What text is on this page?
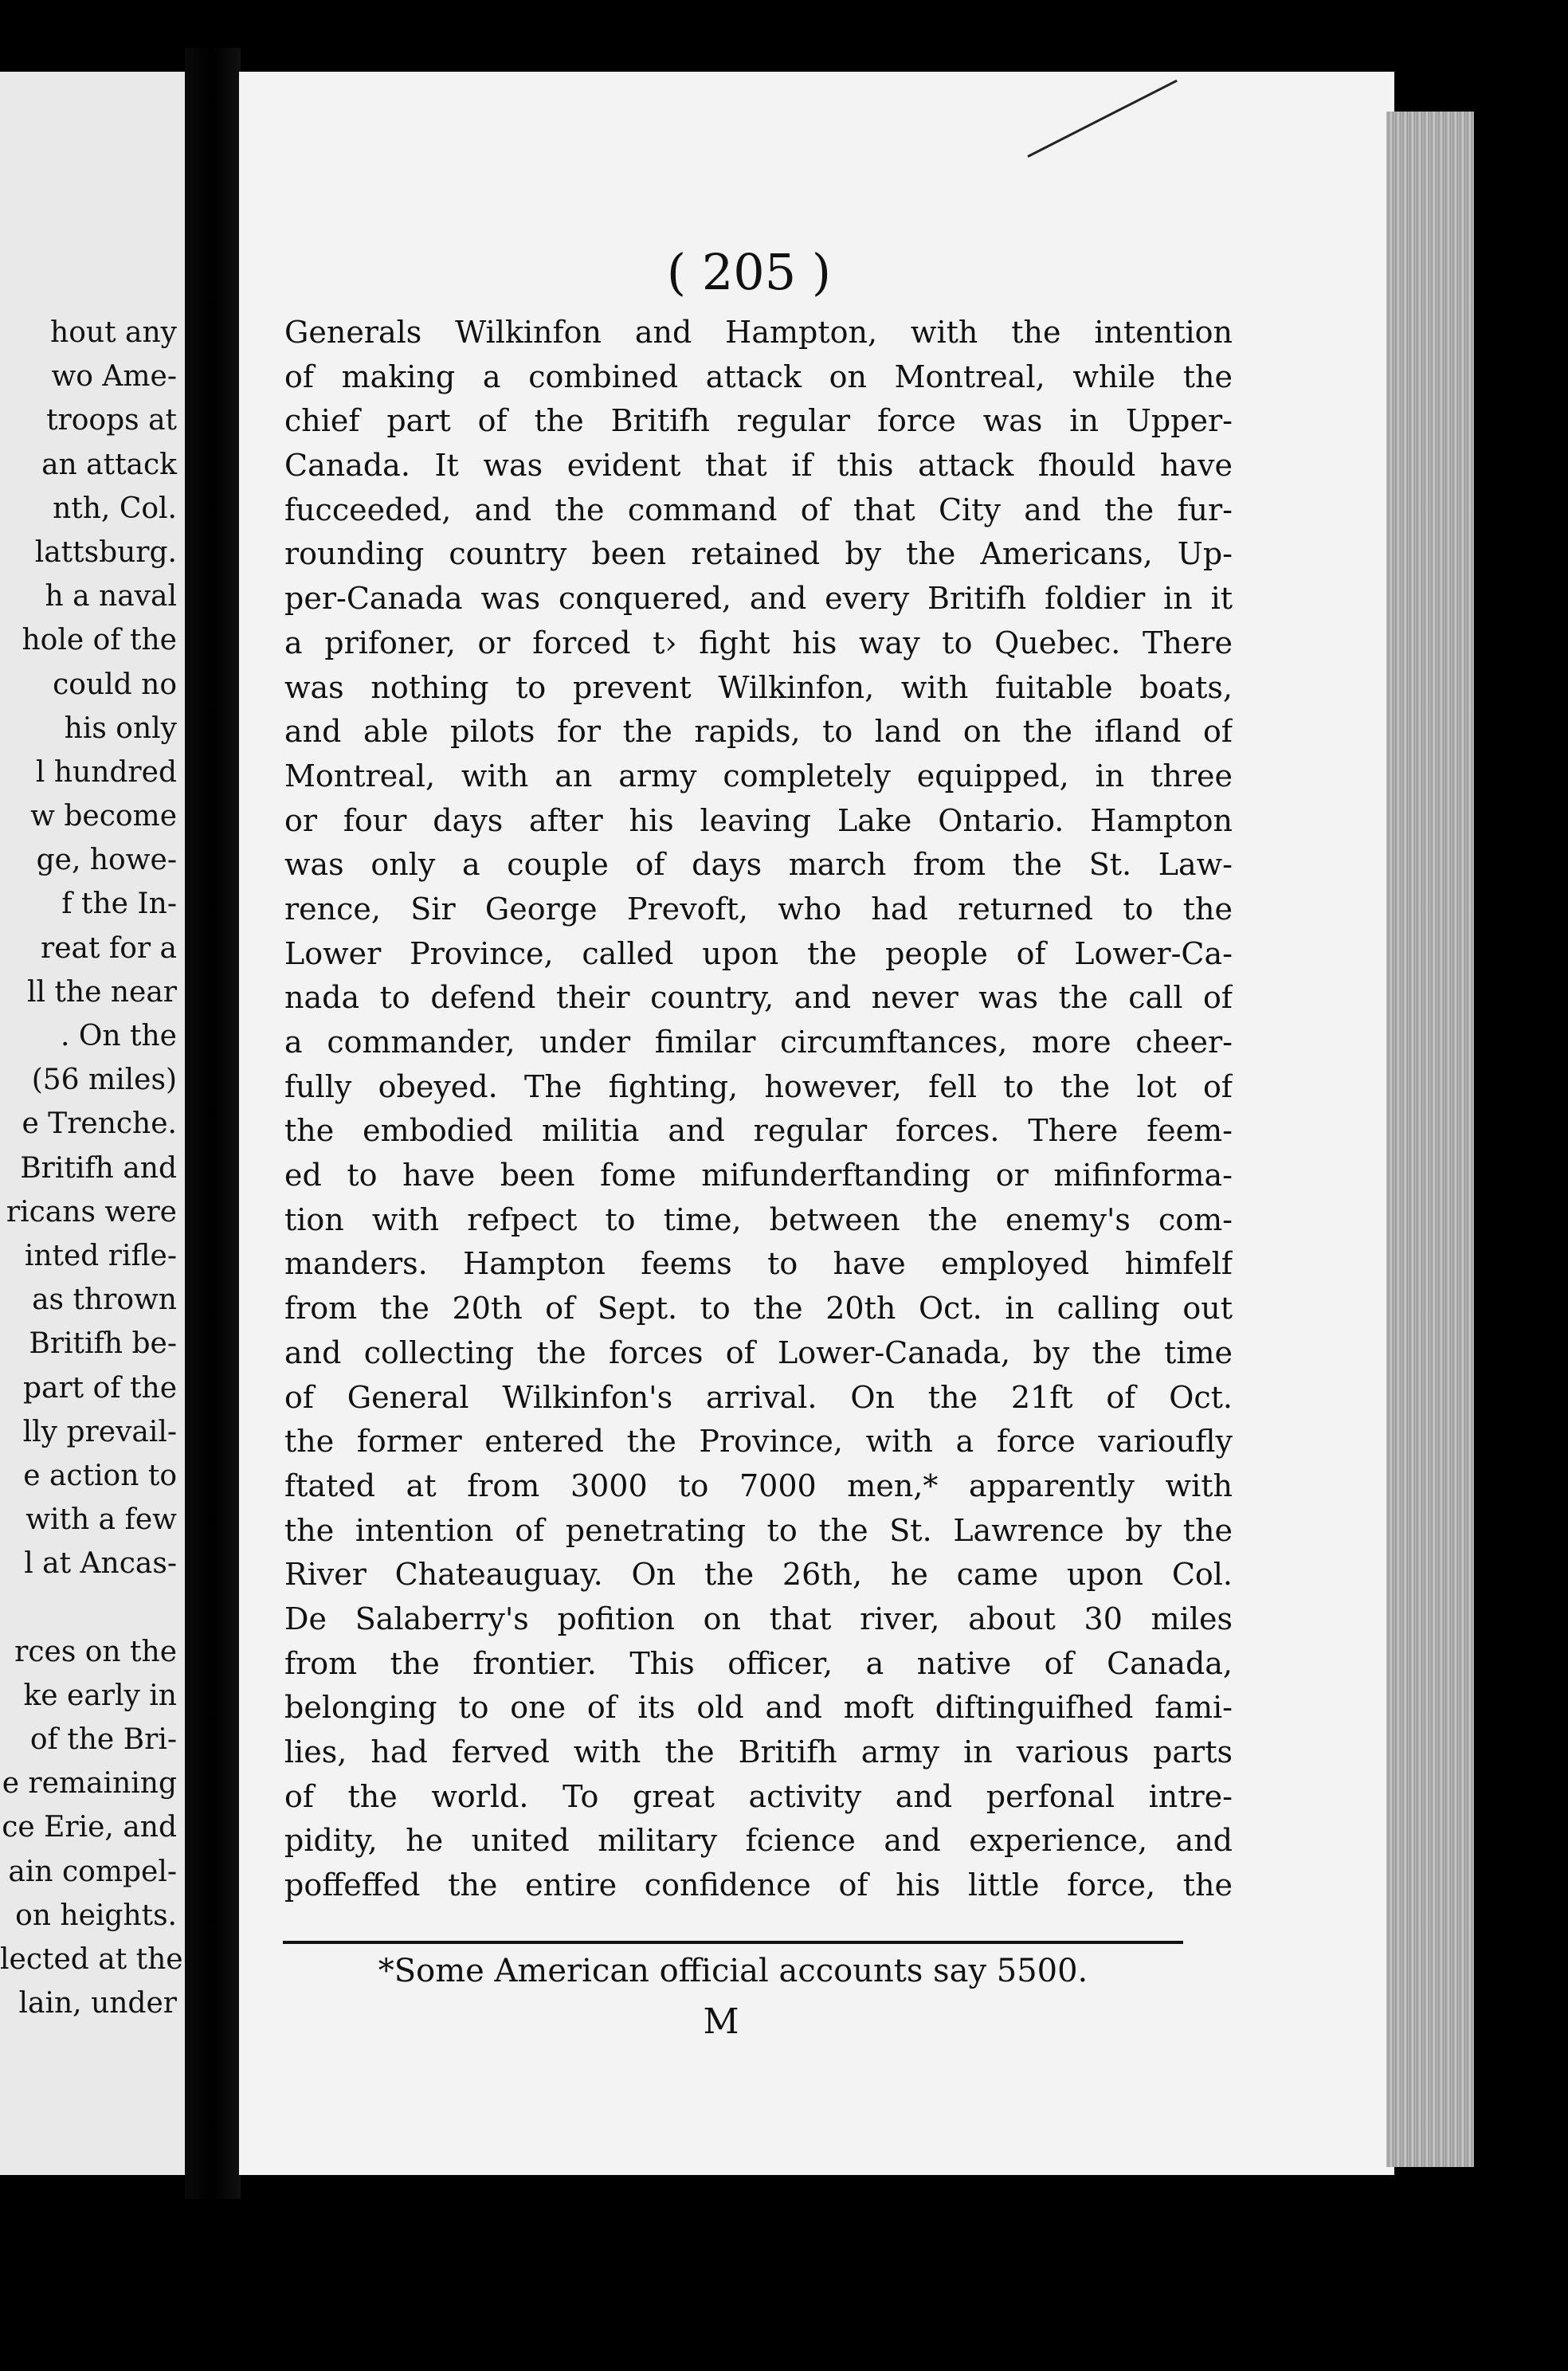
hout any
wo Ame-
troops at
an attack
nth, Col.
lattsburg.
h a naval
hole of the
could no
his only
l hundred
w become
ge, howe-
f the In-
reat for a
ll the near
. On the
(56 miles)
e Trenche.
Britifh and
ricans were
inted rifle-
as thrown
Britifh be-
part of the
lly prevail-
e action to
with a few
l at Ancas-
rces on the
ke early in
of the Bri-
e remaining
ce Erie, and
ain compel-
on heights.
lected at the
lain, under
( 205 )
Generals Wilkinfon and Hampton, with the intention
of making a combined attack on Montreal, while the
chief part of the Britifh regular force was in Upper-
Canada. It was evident that if this attack fhould have
fucceeded, and the command of that City and the fur-
rounding country been retained by the Americans, Up-
per-Canada was conquered, and every Britifh foldier in it
a prifoner, or forced t› fight his way to Quebec. There
was nothing to prevent Wilkinfon, with fuitable boats,
and able pilots for the rapids, to land on the ifland of
Montreal, with an army completely equipped, in three
or four days after his leaving Lake Ontario. Hampton
was only a couple of days march from the St. Law-
rence, Sir George Prevoft, who had returned to the
Lower Province, called upon the people of Lower-Ca-
nada to defend their country, and never was the call of
a commander, under fimilar circumftances, more cheer-
fully obeyed. The fighting, however, fell to the lot of
the embodied militia and regular forces. There feem-
ed to have been fome mifunderftanding or mifinforma-
tion with refpect to time, between the enemy's com-
manders. Hampton feems to have employed himfelf
from the 20th of Sept. to the 20th Oct. in calling out
and collecting the forces of Lower-Canada, by the time
of General Wilkinfon's arrival. On the 21ft of Oct.
the former entered the Province, with a force varioufly
ftated at from 3000 to 7000 men,* apparently with
the intention of penetrating to the St. Lawrence by the
River Chateauguay. On the 26th, he came upon Col.
De Salaberry's pofition on that river, about 30 miles
from the frontier. This officer, a native of Canada,
belonging to one of its old and moft diftinguifhed fami-
lies, had ferved with the Britifh army in various parts
of the world. To great activity and perfonal intre-
pidity, he united military fcience and experience, and
poffeffed the entire confidence of his little force, the
*Some American official accounts say 5500.
M
